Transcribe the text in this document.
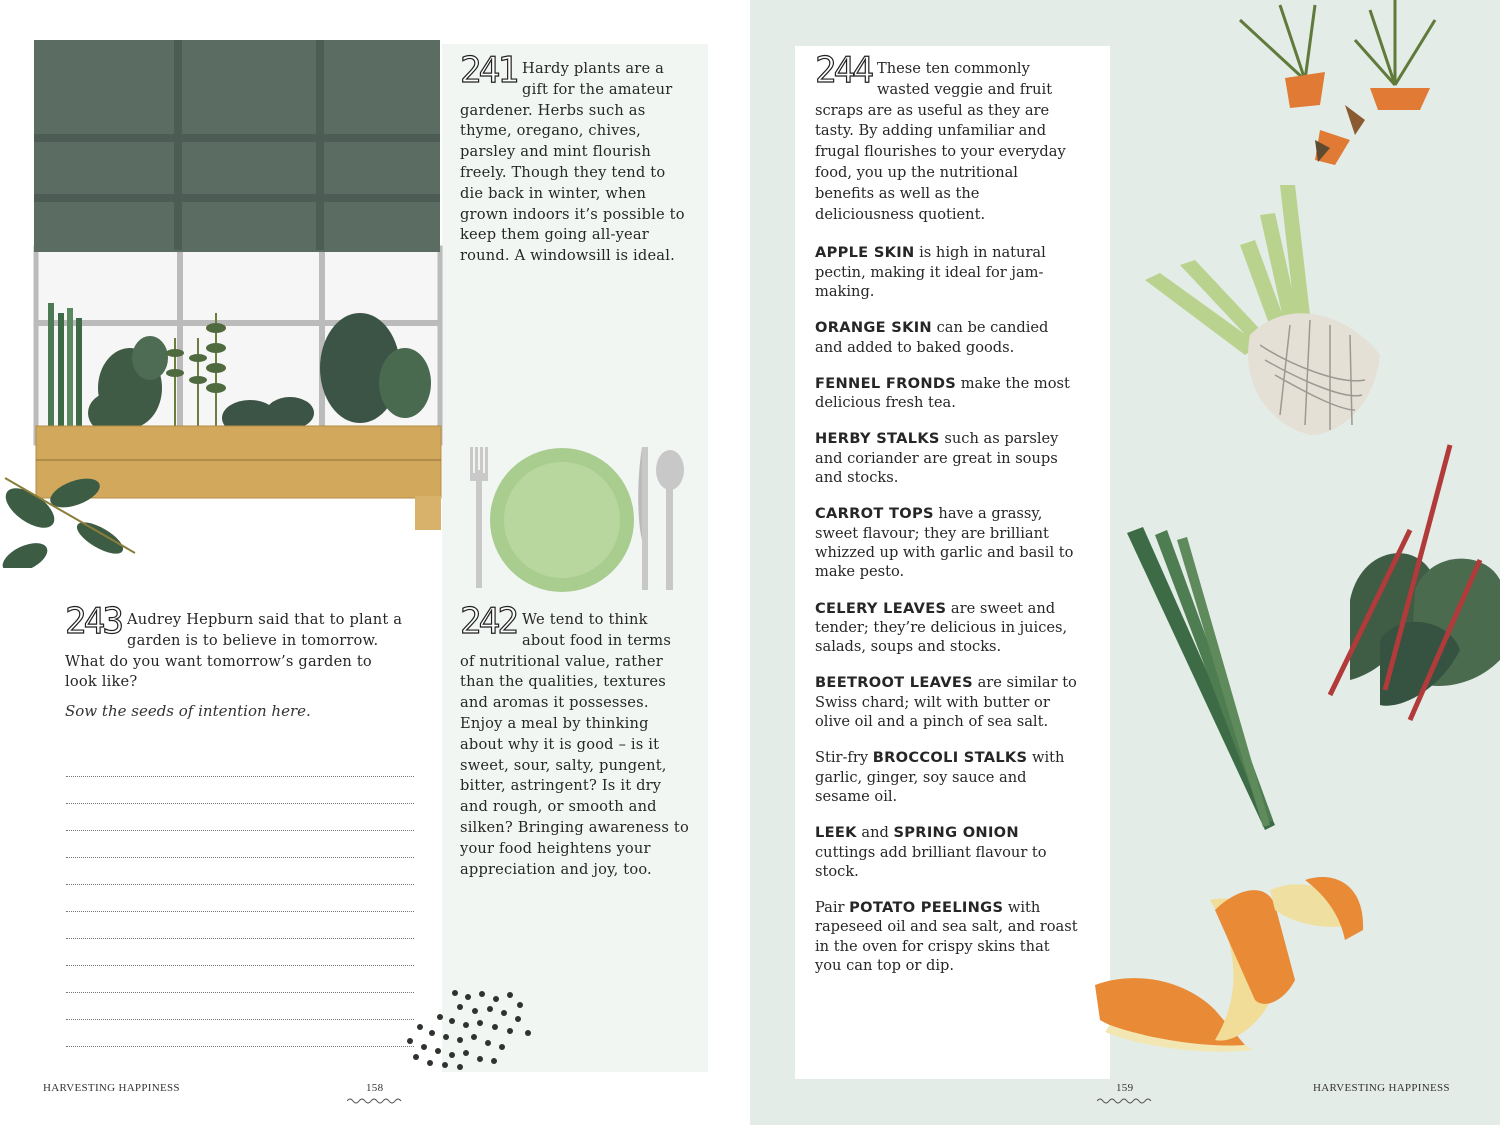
241 Hardy plants are a gift for the amateur gardener. Herbs such as thyme, oregano, chives, parsley and mint flourish freely. Though they tend to die back in winter, when grown indoors it’s possible to keep them going all-year round. A windowsill is ideal.
243 Audrey Hepburn said that to plant a garden is to believe in tomorrow. What do you want tomorrow’s garden to look like?
Sow the seeds of intention here.
242 We tend to think about food in terms of nutritional value, rather than the qualities, textures and aromas it possesses. Enjoy a meal by thinking about why it is good – is it sweet, sour, salty, pungent, bitter, astringent? Is it dry and rough, or smooth and silken? Bringing awareness to your food heightens your appreciation and joy, too.
HARVESTING HAPPINESS	158

244 These ten commonly wasted veggie and fruit scraps are as useful as they are tasty. By adding unfamiliar and frugal flourishes to your everyday food, you up the nutritional benefits as well as the deliciousness quotient.

APPLE SKIN is high in natural pectin, making it ideal for jam-making.

ORANGE SKIN can be candied and added to baked goods.

FENNEL FRONDS make the most delicious fresh tea.

HERBY STALKS such as parsley and coriander are great in soups and stocks.

CARROT TOPS have a grassy, sweet flavour; they are brilliant whizzed up with garlic and basil to make pesto.

CELERY LEAVES are sweet and tender; they’re delicious in juices, salads, soups and stocks.

BEETROOT LEAVES are similar to Swiss chard; wilt with butter or olive oil and a pinch of sea salt.

Stir-fry BROCCOLI STALKS with garlic, ginger, soy sauce and sesame oil.

LEEK and SPRING ONION cuttings add brilliant flavour to stock.

Pair POTATO PEELINGS with rapeseed oil and sea salt, and roast in the oven for crispy skins that you can top or dip.

159	HARVESTING HAPPINESS
